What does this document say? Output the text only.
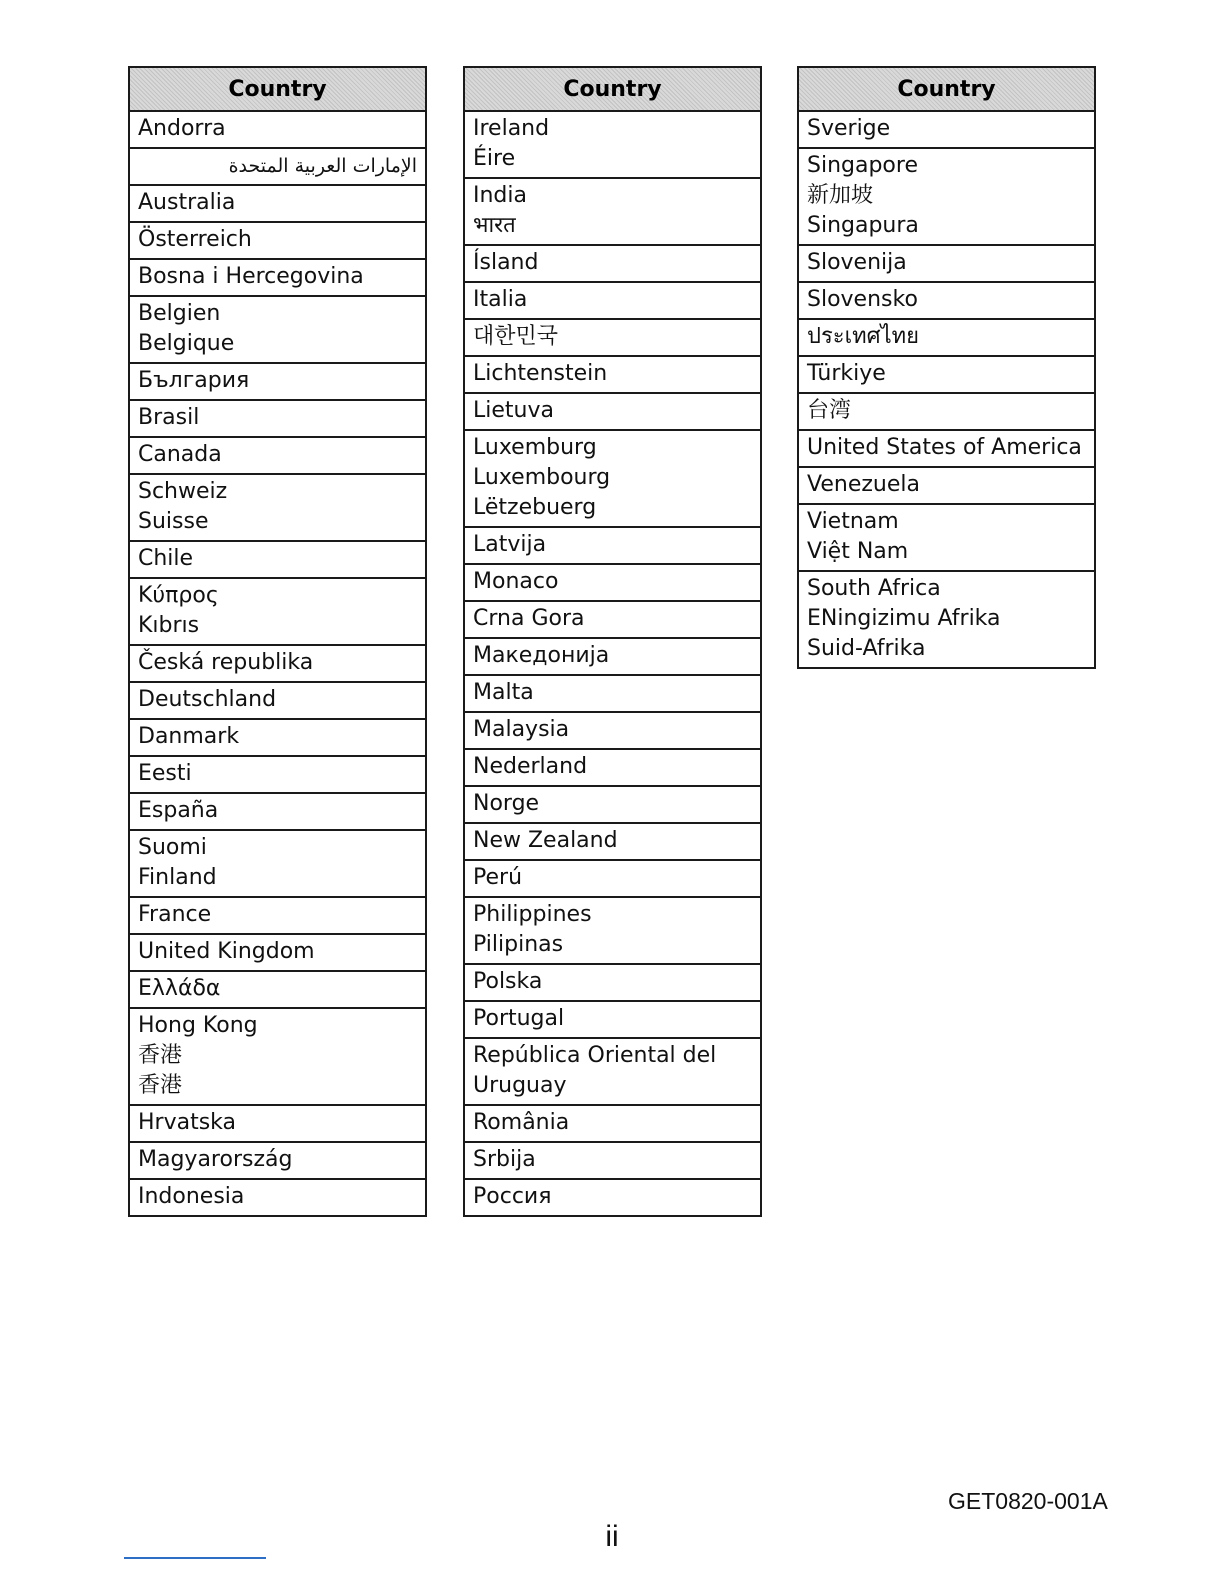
Country
Andorra
الإمارات العربية المتحدة
Australia
Österreich
Bosna i Hercegovina
Belgien
Belgique
България
Brasil
Canada
Schweiz
Suisse
Chile
Κύπρος
Kıbrıs
Česká republika
Deutschland
Danmark
Eesti
España
Suomi
Finland
France
United Kingdom
Ελλάδα
Hong Kong
香港
香港
Hrvatska
Magyarország
Indonesia
Country
Ireland
Éire
India
भारत
Ísland
Italia
대한민국
Lichtenstein
Lietuva
Luxemburg
Luxembourg
Lëtzebuerg
Latvija
Monaco
Crna Gora
Македонија
Malta
Malaysia
Nederland
Norge
New Zealand
Perú
Philippines
Pilipinas
Polska
Portugal
República Oriental del
Uruguay
România
Srbija
Россия
Country
Sverige
Singapore
新加坡
Singapura
Slovenija
Slovensko
ประเทศไทย
Türkiye
台湾
United States of America
Venezuela
Vietnam
Việt Nam
South Africa
ENingizimu Afrika
Suid-Afrika
GET0820-001A
ii
